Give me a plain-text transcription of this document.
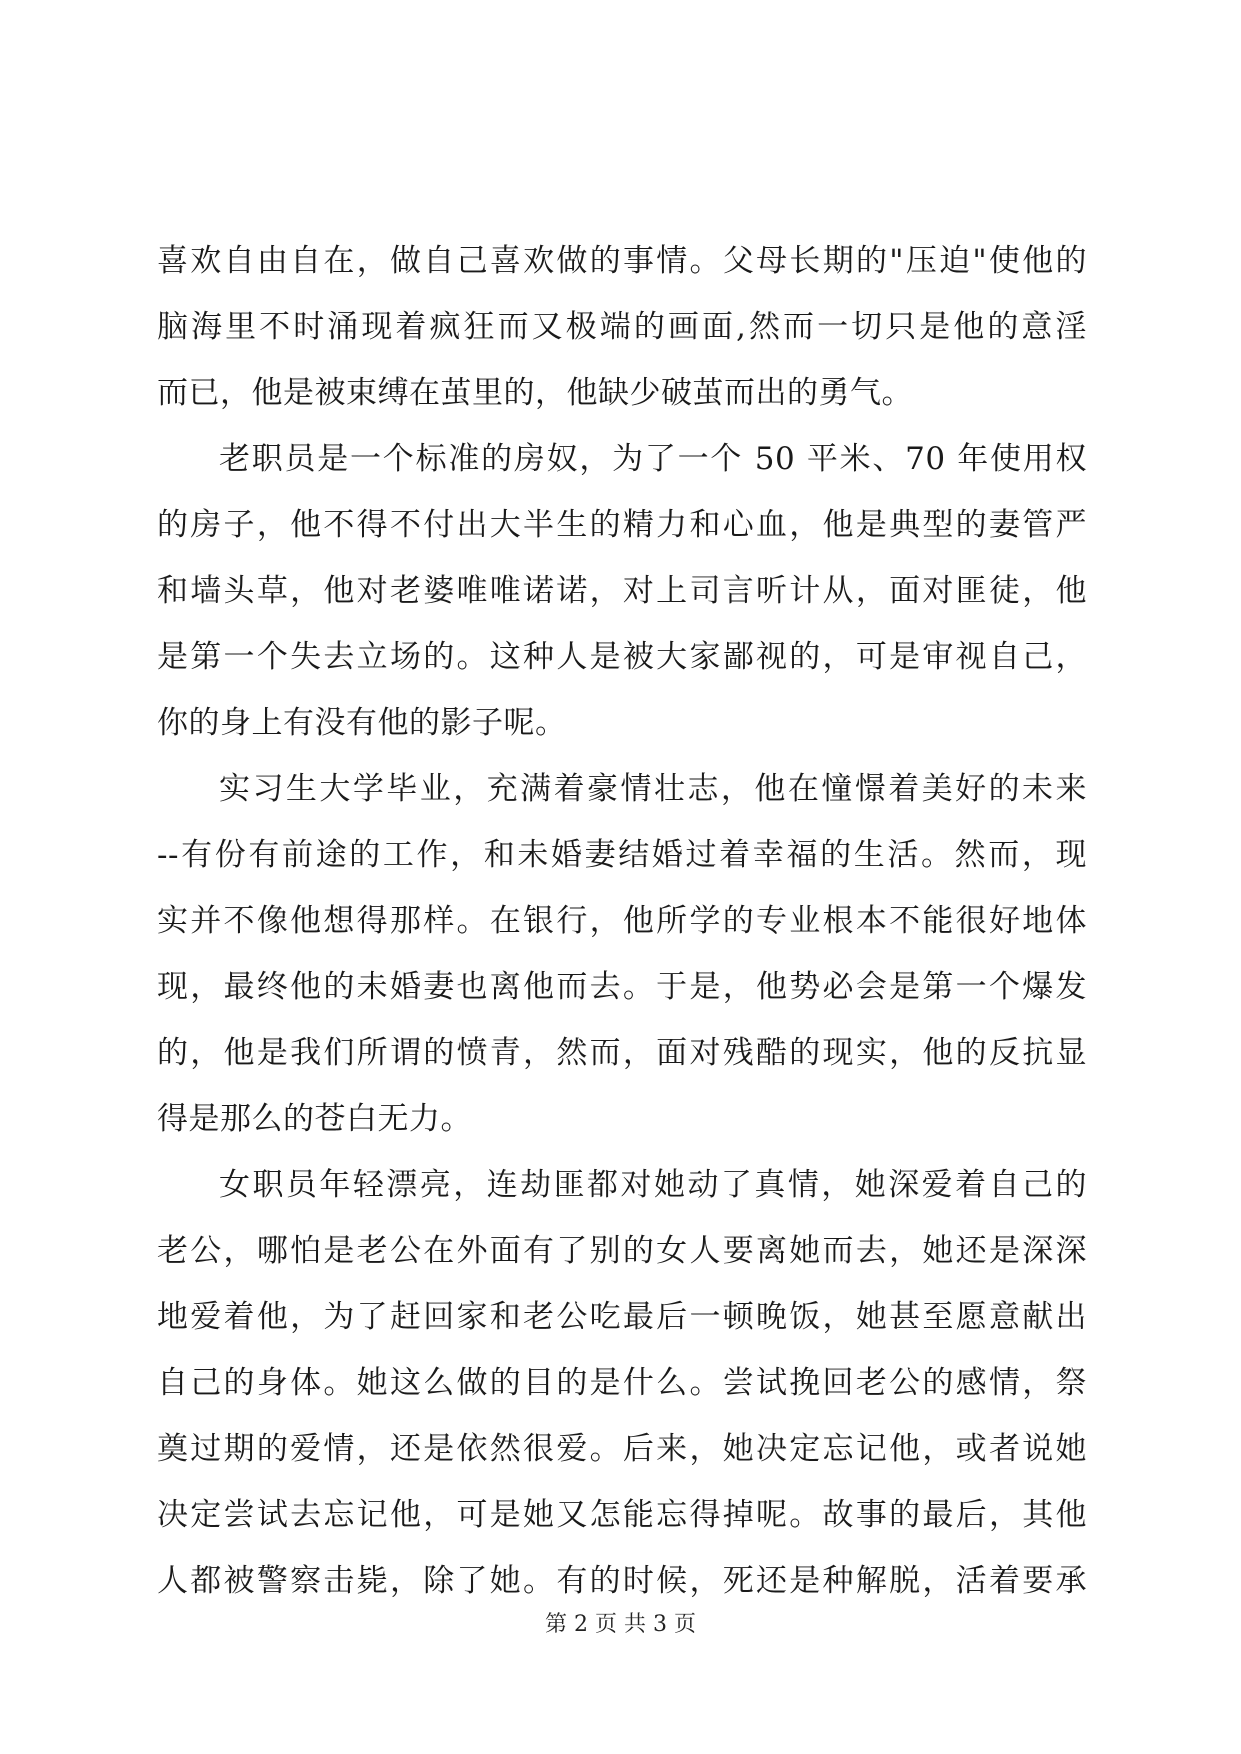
喜欢自由自在，做自己喜欢做的事情。父母长期的"压迫"使他的
脑海里不时涌现着疯狂而又极端的画面,然而一切只是他的意淫
而已，他是被束缚在茧里的，他缺少破茧而出的勇气。
老职员是一个标准的房奴，为了一个 50 平米、70 年使用权
的房子，他不得不付出大半生的精力和心血，他是典型的妻管严
和墙头草，他对老婆唯唯诺诺，对上司言听计从，面对匪徒，他
是第一个失去立场的。这种人是被大家鄙视的，可是审视自己，
你的身上有没有他的影子呢。
实习生大学毕业，充满着豪情壮志，他在憧憬着美好的未来
--有份有前途的工作，和未婚妻结婚过着幸福的生活。然而，现
实并不像他想得那样。在银行，他所学的专业根本不能很好地体
现，最终他的未婚妻也离他而去。于是，他势必会是第一个爆发
的，他是我们所谓的愤青，然而，面对残酷的现实，他的反抗显
得是那么的苍白无力。
女职员年轻漂亮，连劫匪都对她动了真情，她深爱着自己的
老公，哪怕是老公在外面有了别的女人要离她而去，她还是深深
地爱着他，为了赶回家和老公吃最后一顿晚饭，她甚至愿意献出
自己的身体。她这么做的目的是什么。尝试挽回老公的感情，祭
奠过期的爱情，还是依然很爱。后来，她决定忘记他，或者说她
决定尝试去忘记他，可是她又怎能忘得掉呢。故事的最后，其他
人都被警察击毙，除了她。有的时候，死还是种解脱，活着要承
第 2 页 共 3 页
